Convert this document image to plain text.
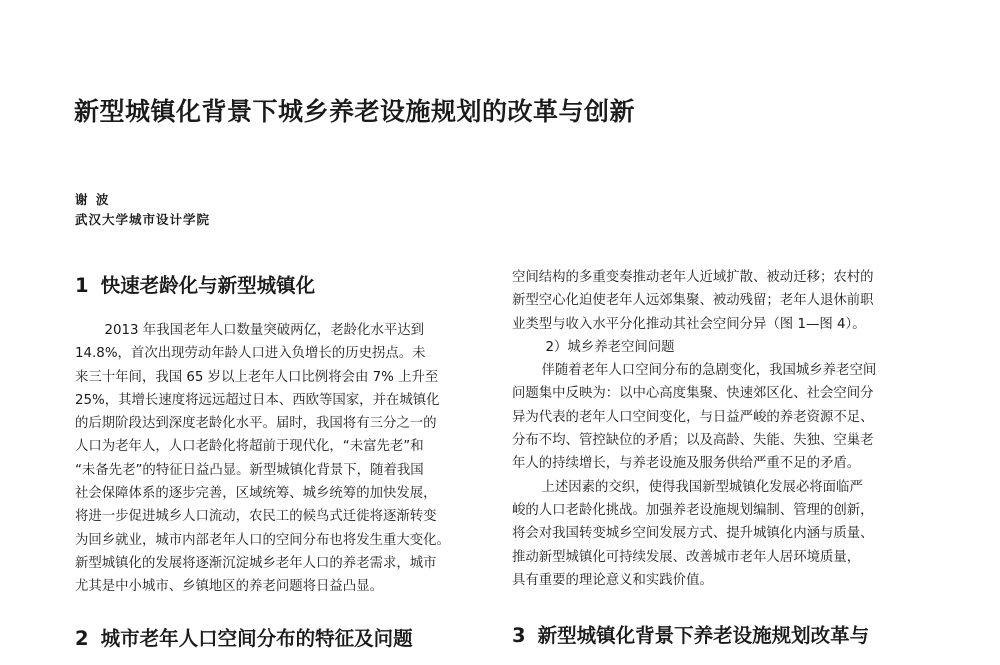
新型城镇化背景下城乡养老设施规划的改革与创新
谢 波
武汉大学城市设计学院
1 快速老龄化与新型城镇化
2013 年我国老年人口数量突破两亿，老龄化水平达到
14.8%，首次出现劳动年龄人口进入负增长的历史拐点。未
来三十年间，我国 65 岁以上老年人口比例将会由 7% 上升至
25%，其增长速度将远远超过日本、西欧等国家，并在城镇化
的后期阶段达到深度老龄化水平。届时，我国将有三分之一的
人口为老年人，人口老龄化将超前于现代化，“未富先老”和
“未备先老”的特征日益凸显。新型城镇化背景下，随着我国
社会保障体系的逐步完善，区域统筹、城乡统筹的加快发展，
将进一步促进城乡人口流动，农民工的候鸟式迁徙将逐渐转变
为回乡就业，城市内部老年人口的空间分布也将发生重大变化。
新型城镇化的发展将逐渐沉淀城乡老年人口的养老需求，城市
尤其是中小城市、乡镇地区的养老问题将日益凸显。
2 城市老年人口空间分布的特征及问题
空间结构的多重变奏推动老年人近域扩散、被动迁移；农村的
新型空心化迫使老年人远郊集聚、被动残留；老年人退休前职
业类型与收入水平分化推动其社会空间分异（图 1—图 4）。
2）城乡养老空间问题
伴随着老年人口空间分布的急剧变化，我国城乡养老空间
问题集中反映为：以中心高度集聚、快速郊区化、社会空间分
异为代表的老年人口空间变化，与日益严峻的养老资源不足、
分布不均、管控缺位的矛盾；以及高龄、失能、失独、空巢老
年人的持续增长，与养老设施及服务供给严重不足的矛盾。
上述因素的交织，使得我国新型城镇化发展必将面临严
峻的人口老龄化挑战。加强养老设施规划编制、管理的创新，
将会对我国转变城乡空间发展方式、提升城镇化内涵与质量、
推动新型城镇化可持续发展、改善城市老年人居环境质量，
具有重要的理论意义和实践价值。
3 新型城镇化背景下养老设施规划改革与
